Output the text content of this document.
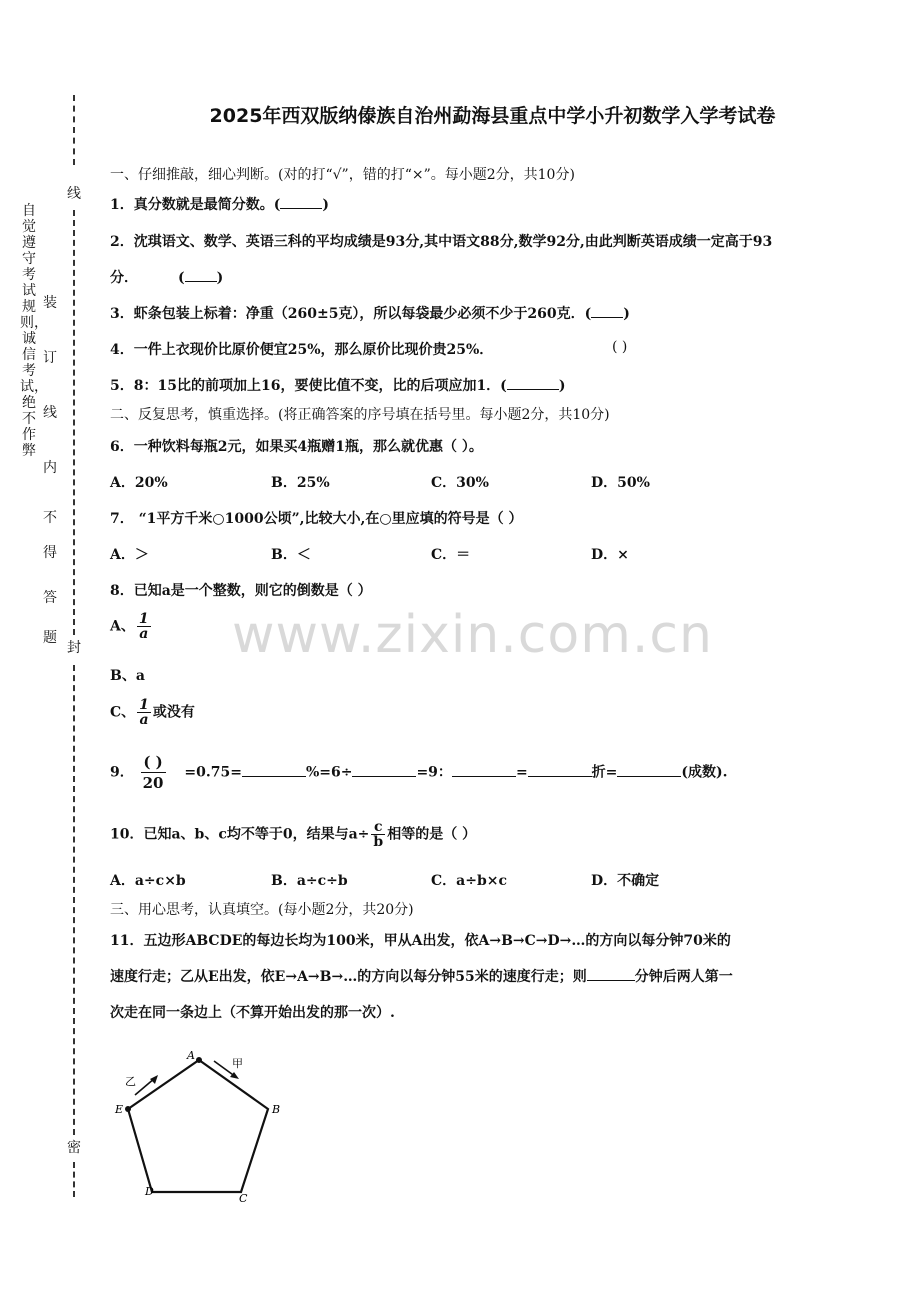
线
封
密
自觉遵守考试规则，诚信考试，绝不作弊
装
订
线
内
不
得
答
题	www.zixin.com.cn
2025年西双版纳傣族自治州勐海县重点中学小升初数学入学考试卷
一、仔细推敲，细心判断。(对的打“√”，错的打“×”。每小题2分，共10分)
1．真分数就是最简分数。(	)
2．沈琪语文、数学、英语三科的平均成绩是93分,其中语文88分,数学92分,由此判断英语成绩一定高于93
分．	( )
3．虾条包装上标着：净重（260±5克），所以每袋最少必须不少于260克．( )
4．一件上衣现价比原价便宜25%，那么原价比现价贵25%．	( )
5．8：15比的前项加上16，要使比值不变，比的后项应加1．(	)
二、反复思考，慎重选择。(将正确答案的序号填在括号里。每小题2分，共10分)
6．一种饮料每瓶2元，如果买4瓶赠1瓶，那么就优惠（ ）。
A．20%	B．25%	C．30%	D．50%
7． “1平方千米○1000公顷”,比较大小,在○里应填的符号是（ ）
A．＞	B．＜	C．＝	D．×
8．已知a是一个整数，则它的倒数是（ ）
A、 $\frac{1}{a}$
B、a
C、 $\frac{1}{a}$ 或没有
9． $\frac{( )}{20} =0.75=$	%=6÷	=9：	=	折=	(成数).
10．已知a、b、c均不等于0，结果与$a\div \frac{c}{b}$ 相等的是（ ）
A．a÷c×b	B．a÷c÷b	C．a÷b×c	D．不确定
三、用心思考，认真填空。(每小题2分，共20分)
11．五边形ABCDE的每边长均为100米，甲从A出发，依A→B→C→D→…的方向以每分钟70米的
速度行走；乙从E出发，依E→A→B→…的方向以每分钟55米的速度行走；则	分钟后两人第一
次走在同一条边上（不算开始出发的那一次）.
A
B
C
D
E
甲
乙
